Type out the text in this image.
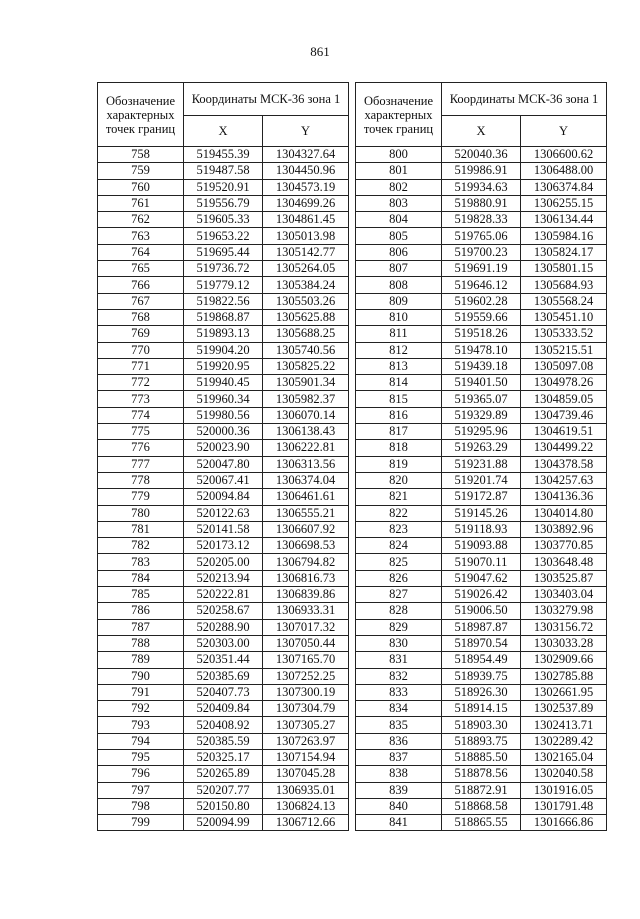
861
Обозначение характерных точек границ	Координаты МСК-36 зона 1			Обозначение характерных точек границ	Координаты МСК-36 зона 1	
	X	Y			X	Y
758	519455.39	1304327.64		800	520040.36	1306600.62
759	519487.58	1304450.96		801	519986.91	1306488.00
760	519520.91	1304573.19		802	519934.63	1306374.84
761	519556.79	1304699.26		803	519880.91	1306255.15
762	519605.33	1304861.45		804	519828.33	1306134.44
763	519653.22	1305013.98		805	519765.06	1305984.16
764	519695.44	1305142.77		806	519700.23	1305824.17
765	519736.72	1305264.05		807	519691.19	1305801.15
766	519779.12	1305384.24		808	519646.12	1305684.93
767	519822.56	1305503.26		809	519602.28	1305568.24
768	519868.87	1305625.88		810	519559.66	1305451.10
769	519893.13	1305688.25		811	519518.26	1305333.52
770	519904.20	1305740.56		812	519478.10	1305215.51
771	519920.95	1305825.22		813	519439.18	1305097.08
772	519940.45	1305901.34		814	519401.50	1304978.26
773	519960.34	1305982.37		815	519365.07	1304859.05
774	519980.56	1306070.14		816	519329.89	1304739.46
775	520000.36	1306138.43		817	519295.96	1304619.51
776	520023.90	1306222.81		818	519263.29	1304499.22
777	520047.80	1306313.56		819	519231.88	1304378.58
778	520067.41	1306374.04		820	519201.74	1304257.63
779	520094.84	1306461.61		821	519172.87	1304136.36
780	520122.63	1306555.21		822	519145.26	1304014.80
781	520141.58	1306607.92		823	519118.93	1303892.96
782	520173.12	1306698.53		824	519093.88	1303770.85
783	520205.00	1306794.82		825	519070.11	1303648.48
784	520213.94	1306816.73		826	519047.62	1303525.87
785	520222.81	1306839.86		827	519026.42	1303403.04
786	520258.67	1306933.31		828	519006.50	1303279.98
787	520288.90	1307017.32		829	518987.87	1303156.72
788	520303.00	1307050.44		830	518970.54	1303033.28
789	520351.44	1307165.70		831	518954.49	1302909.66
790	520385.69	1307252.25		832	518939.75	1302785.88
791	520407.73	1307300.19		833	518926.30	1302661.95
792	520409.84	1307304.79		834	518914.15	1302537.89
793	520408.92	1307305.27		835	518903.30	1302413.71
794	520385.59	1307263.97		836	518893.75	1302289.42
795	520325.17	1307154.94		837	518885.50	1302165.04
796	520265.89	1307045.28		838	518878.56	1302040.58
797	520207.77	1306935.01		839	518872.91	1301916.05
798	520150.80	1306824.13		840	518868.58	1301791.48
799	520094.99	1306712.66		841	518865.55	1301666.86
